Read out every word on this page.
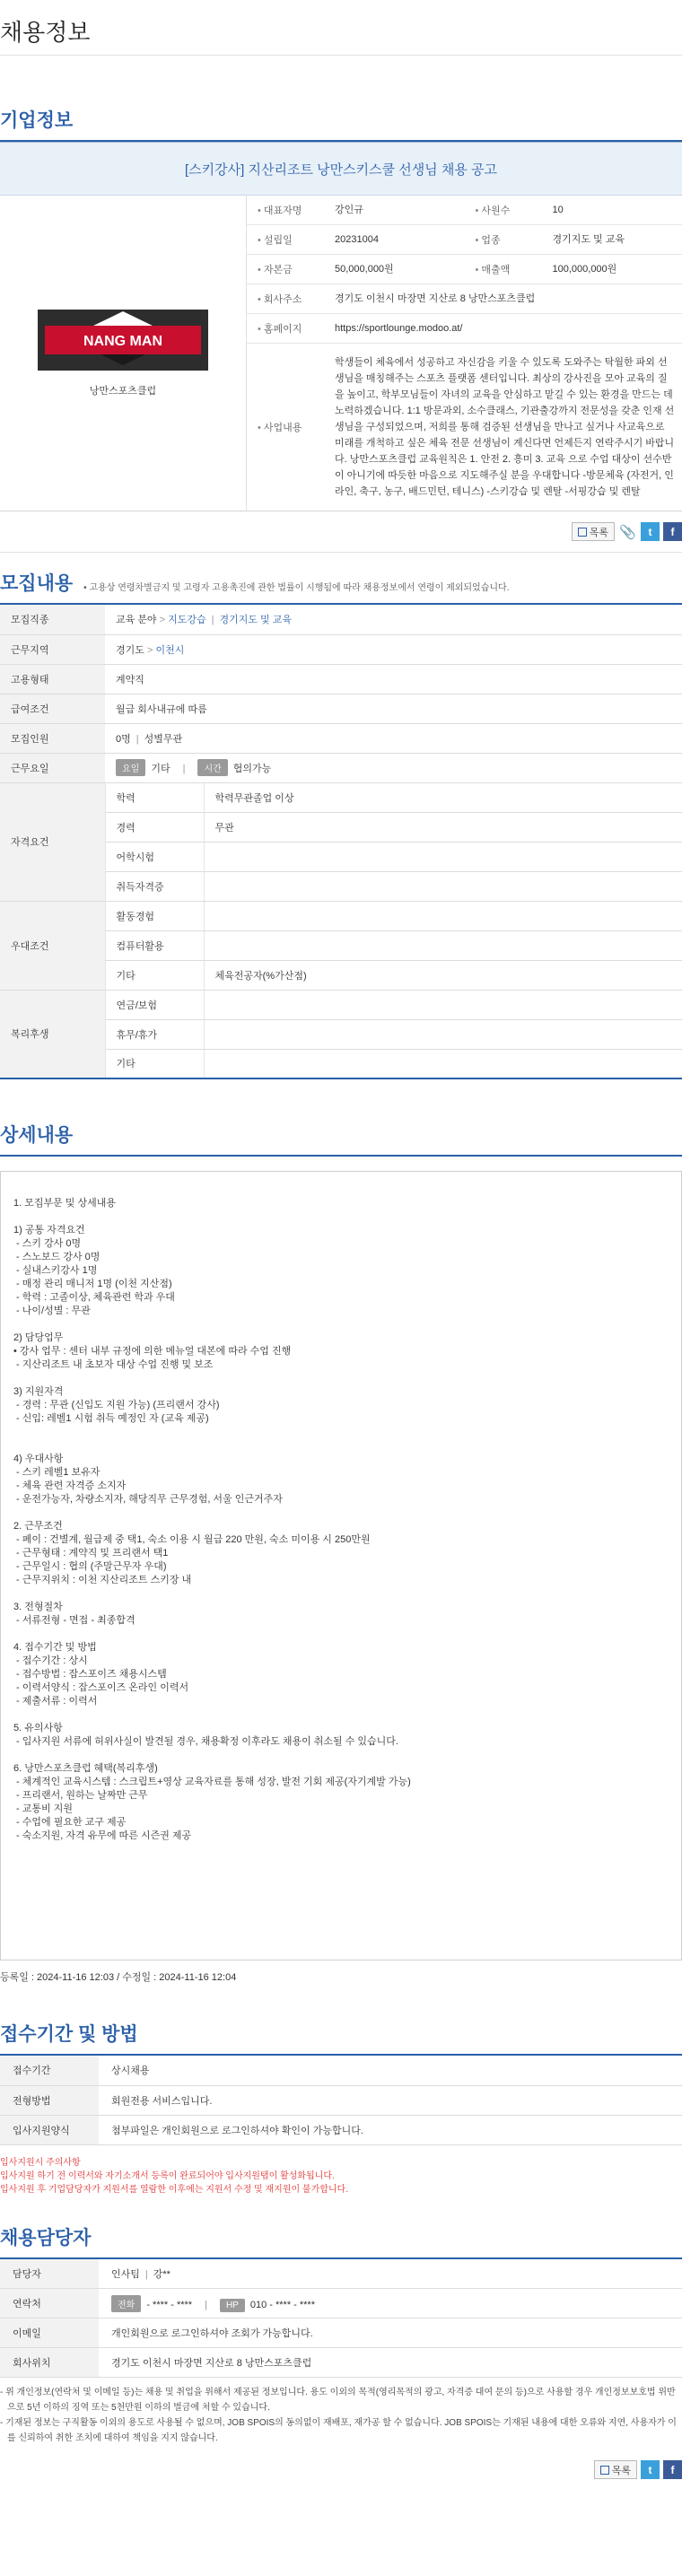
채용정보
기업정보
[스키강사] 지산리조트 낭만스키스쿨 선생님 채용 공고
NANG MAN
낭만스포츠클럽
• 대표자명	강인규	• 사원수	10
• 설립일	20231004	• 업종	경기지도 및 교육
• 자본금	50,000,000원	• 매출액	100,000,000원
• 회사주소	경기도 이천시 마장면 지산로 8 낭만스포츠클럽
• 홈페이지	https://sportlounge.modoo.at/
• 사업내용
학생들이 체육에서 성공하고 자신감을 키울 수 있도록 도와주는 탁월한 파외 선생님을 매칭해주는 스포츠 플랫폼 센터입니다. 최상의 강사진을 모아 교육의 질을 높이고, 학부모님들이 자녀의 교육을 안심하고 맡길 수 있는 환경을 만드는 데 노력하겠습니다. 1:1 방문과외, 소수클래스, 기관출강까지 전문성을 갖춘 인재 선생님을 구성되었으며, 저희를 통해 검증된 선생님을 만나고 싶거나 사교육으로 미래를 개척하고 싶은 체육 전문 선생님이 계신다면 언제든지 연락주시기 바랍니다. 낭만스포츠클럽 교육원칙은 1. 안전 2. 흥미 3. 교육 으로 수업 대상이 선수반이 아니기에 따듯한 마음으로 지도해주실 분을 우대합니다 -방문체육 (자전거, 인라인, 축구, 농구, 배드민턴, 테니스) -스키강습 및 렌탈 -서핑강습 및 렌탈
목록 📎	t	f
모집내용 • 고용상 연령차별금지 및 고령자 고용촉진에 관한 법률이 시행됨에 따라 채용정보에서 연령이 제외되었습니다.
모집직종	교육 분야 > 지도강습 | 경기지도 및 교육	
근무지역	경기도 > 이천시	
고용형태	계약직	
급여조건	월급 회사내규에 따름	
모집인원	0명 | 성별무관	
근무요일	요일 기타 | 시간 협의가능	
자격요건	학력	학력무관졸업 이상
	경력	무관
	어학시험	
	취득자격증	
우대조건	활동경험	
	컴퓨터활용	
	기타	체육전공자(%가산점)
복리후생	연금/보험	
	휴무/휴가	
	기타	
상세내용
1. 모집부문 및 상세내용
1) 공통 자격요건
- 스키 강사 0명
- 스노보드 강사 0명
- 실내스키강사 1명
- 매정 관리 매니저 1명 (이천 지산점)
- 학력 : 고졸이상, 체육관련 학과 우대
- 나이/성별 : 무관
2) 담당업무
• 강사 업무 : 센터 내부 규정에 의한 메뉴얼 대본에 따라 수업 진행
- 지산리조트 내 초보자 대상 수업 진행 및 보조
3) 지원자격
- 경력 : 무관 (신입도 지원 가능) (프리랜서 강사)
- 신입: 레벨1 시험 취득 예정인 자 (교육 제공)
4) 우대사항
- 스키 레벨1 보유자
- 체육 관련 자격증 소지자
- 운전가능자, 차량소지자, 해당직무 근무경험, 서울 인근거주자
2. 근무조건
- 페이 : 건별계, 월급제 중 택1, 숙소 이용 시 월급 220 만원, 숙소 미이용 시 250만원
- 근무형태 : 계약직 및 프리랜서 택1
- 근무일시 : 협의 (주말근무자 우대)
- 근무지위치 : 이천 지산리조트 스키장 내
3. 전형절차
- 서류전형 - 면접 - 최종합격
4. 접수기간 및 방법
- 접수기간 : 상시
- 접수방법 : 잡스포이즈 채용시스템
- 이력서양식 : 잡스포이즈 온라인 이력서
- 제출서류 : 이력서
5. 유의사항
- 입사지원 서류에 허위사실이 발견될 경우, 채용확정 이후라도 채용이 취소될 수 있습니다.
6. 낭만스포츠클럽 혜택(복리후생)
- 체계적인 교육시스템 : 스크립트+영상 교육자료를 통해 성장, 발전 기회 제공(자기계발 가능)
- 프리랜서, 원하는 날짜만 근무
- 교통비 지원
- 수업에 필요한 교구 제공
- 숙소지원, 자격 유무에 따른 시즌권 제공
등록일 : 2024-11-16 12:03 / 수정일 : 2024-11-16 12:04
접수기간 및 방법
접수기간	상시채용
전형방법	회원전용 서비스입니다.
입사지원양식	첨부파일은 개인회원으로 로그인하셔야 확인이 가능합니다.
입사지원시 주의사항
입사지원 하기 전 이력서와 자기소개서 등록이 완료되어야 입사지원탭이 활성화됩니다.
입사지원 후 기업담당자가 지원서를 열람한 이후에는 지원서 수정 및 재지원이 불가합니다.
채용담당자
담당자	인사팀 | 강**
연락처	전화 - **** - **** | HP 010 - **** - ****
이메일	개인회원으로 로그인하셔야 조회가 가능합니다.
회사위치	경기도 이천시 마장면 지산로 8 낭만스포츠클럽
- 위 개인정보(연락처 및 이메일 등)는 채용 및 취업을 위해서 제공된 정보입니다. 용도 이외의 목적(영리목적의 광고, 자격증 대여 문의 등)으로 사용할 경우 개인정보보호법 위반으로 5년 이하의 징역 또는 5천만원 이하의 벌금에 처할 수 있습니다.
- 기재된 정보는 구직활동 이외의 용도로 사용될 수 없으며, JOB SPOIS의 동의없이 재배포, 재가공 할 수 없습니다. JOB SPOIS는 기재된 내용에 대한 오류와 지연, 사용자가 이를 신뢰하여 취한 조치에 대하여 책임을 지지 않습니다.
목록	t	f
